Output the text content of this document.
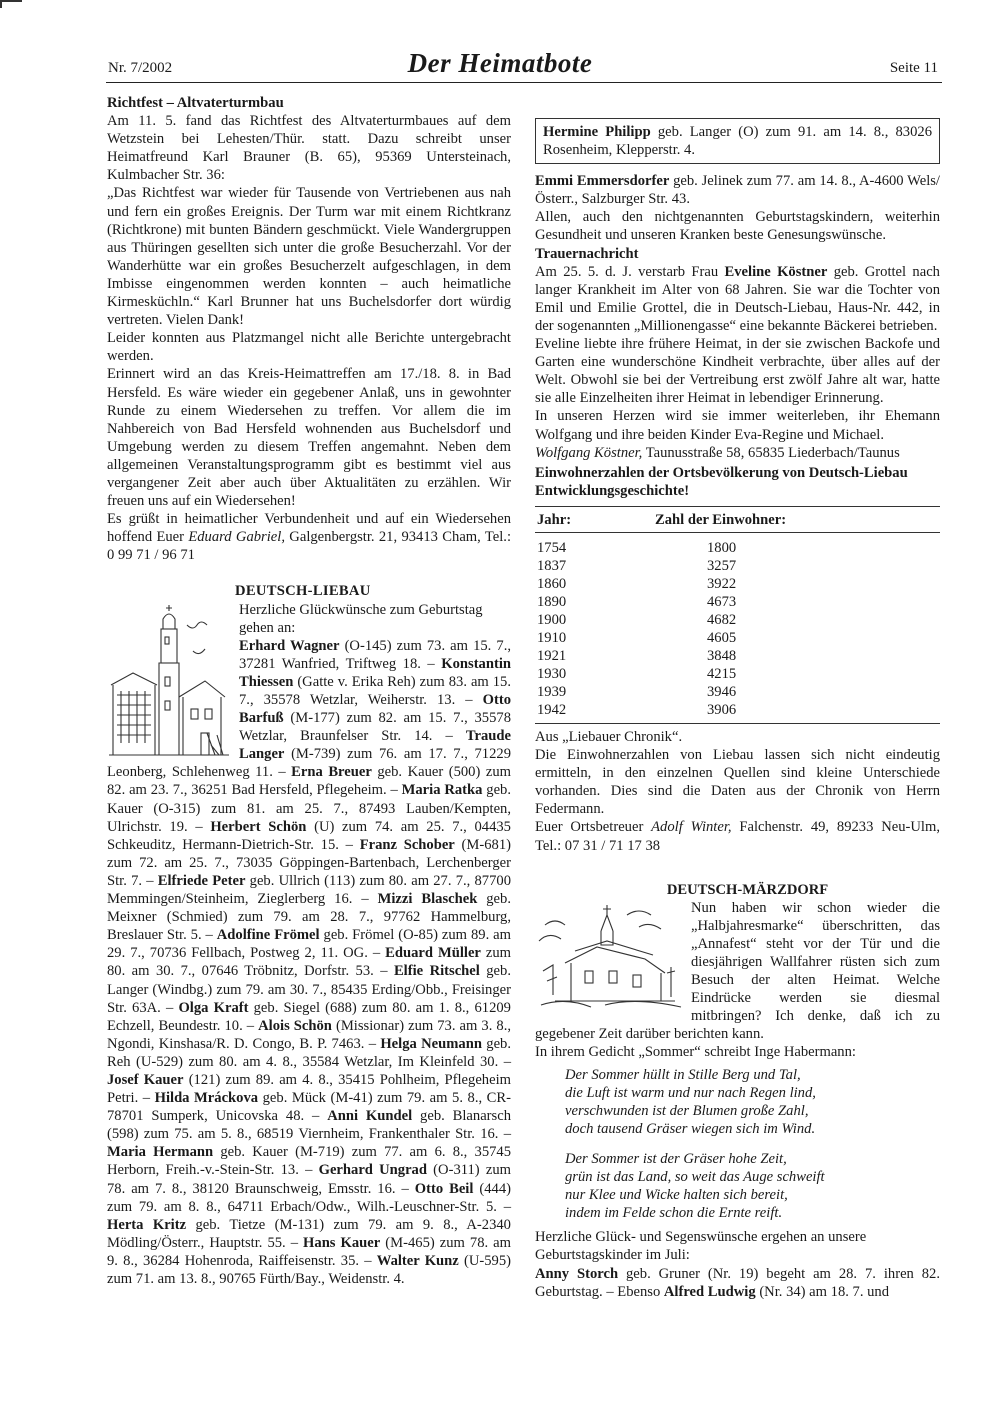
Nr. 7/2002	Der Heimatbote	Seite 11
Richtfest – Altvaterturmbau

Am 11. 5. fand das Richtfest des Altvaterturmbaues auf dem Wetzstein bei Lehesten/Thür. statt. Dazu schreibt unser Heimatfreund Karl Brauner (B. 65), 95369 Untersteinach, Kulmbacher Str. 36:

„Das Richtfest war wieder für Tausende von Vertriebenen aus nah und fern ein großes Ereignis. Der Turm war mit einem Richtkranz (Richtkrone) mit bunten Bändern geschmückt. Viele Wandergruppen aus Thüringen gesellten sich unter die große Besucherzahl. Vor der Wanderhütte war ein großes Besucherzelt aufgeschlagen, in dem Imbisse eingenommen werden konnten – auch heimatliche Kirmesküchln.“ Karl Brunner hat uns Buchelsdorfer dort würdig vertreten. Vielen Dank!

Leider konnten aus Platzmangel nicht alle Berichte untergebracht werden.

Erinnert wird an das Kreis-Heimattreffen am 17./18. 8. in Bad Hersfeld. Es wäre wieder ein gegebener Anlaß, uns in gewohnter Runde zu einem Wiedersehen zu treffen. Vor allem die im Nahbereich von Bad Hersfeld wohnenden aus Buchelsdorf und Umgebung werden zu diesem Treffen angemahnt. Neben dem allgemeinen Veranstaltungsprogramm gibt es bestimmt viel aus vergangener Zeit aber auch über Aktualitäten zu erzählen. Wir freuen uns auf ein Wiedersehen!

Es grüßt in heimatlicher Verbundenheit und auf ein Wiedersehen hoffend Euer Eduard Gabriel, Galgenbergstr. 21, 93413 Cham, Tel.: 0 99 71 / 96 71

DEUTSCH-LIEBAU

Herzliche Glückwünsche zum Geburtstag gehen an:

Erhard Wagner (O-145) zum 73. am 15. 7., 37281 Wanfried, Triftweg 18. – Konstantin Thiessen (Gatte v. Erika Reh) zum 83. am 15. 7., 35578 Wetzlar, Weiherstr. 13. – Otto Barfuß (M-177) zum 82. am 15. 7., 35578 Wetzlar, Braunfelser Str. 14. – Traude Langer (M-739) zum 76. am 17. 7., 71229 Leonberg, Schlehenweg 11. – Erna Breuer geb. Kauer (500) zum 82. am 23. 7., 36251 Bad Hersfeld, Pflegeheim. – Maria Ratka geb. Kauer (O-315) zum 81. am 25. 7., 87493 Lauben/Kempten, Ulrichstr. 19. – Herbert Schön (U) zum 74. am 25. 7., 04435 Schkeuditz, Hermann-Dietrich-Str. 15. – Franz Schober (M-681) zum 72. am 25. 7., 73035 Göppingen-Bartenbach, Lerchenberger Str. 7. – Elfriede Peter geb. Ullrich (113) zum 80. am 27. 7., 87700 Memmingen/Steinheim, Zieglerberg 16. – Mizzi Blaschek geb. Meixner (Schmied) zum 79. am 28. 7., 97762 Hammelburg, Breslauer Str. 5. – Adolfine Frömel geb. Frömel (O-85) zum 89. am 29. 7., 70736 Fellbach, Postweg 2, 11. OG. – Eduard Müller zum 80. am 30. 7., 07646 Tröbnitz, Dorfstr. 53. – Elfie Ritschel geb. Langer (Windbg.) zum 79. am 30. 7., 85435 Erding/Obb., Freisinger Str. 63A. – Olga Kraft geb. Siegel (688) zum 80. am 1. 8., 61209 Echzell, Beundestr. 10. – Alois Schön (Missionar) zum 73. am 3. 8., Ngondi, Kinshasa/R. D. Congo, B. P. 7463. – Helga Neumann geb. Reh (U-529) zum 80. am 4. 8., 35584 Wetzlar, Im Kleinfeld 30. – Josef Kauer (121) zum 89. am 4. 8., 35415 Pohlheim, Pflegeheim Petri. – Hilda Mráckova geb. Mück (M-41) zum 79. am 5. 8., CR-78701 Sumperk, Unicovska 48. – Anni Kundel geb. Blanarsch (598) zum 75. am 5. 8., 68519 Viernheim, Frankenthaler Str. 16. – Maria Hermann geb. Kauer (M-719) zum 77. am 6. 8., 35745 Herborn, Freih.-v.-Stein-Str. 13. – Gerhard Ungrad (O-311) zum 78. am 7. 8., 38120 Braunschweig, Emsstr. 16. – Otto Beil (444) zum 79. am 8. 8., 64711 Erbach/Odw., Wilh.-Leuschner-Str. 5. – Herta Kritz geb. Tietze (M-131) zum 79. am 9. 8., A-2340 Mödling/Österr., Hauptstr. 55. – Hans Kauer (M-465) zum 78. am 9. 8., 36284 Hohenroda, Raiffeisenstr. 35. – Walter Kunz (U-595) zum 71. am 13. 8., 90765 Fürth/Bay., Weidenstr. 4.

Hermine Philipp geb. Langer (O) zum 91. am 14. 8., 83026 Rosenheim, Klepperstr. 4.

Emmi Emmersdorfer geb. Jelinek zum 77. am 14. 8., A-4600 Wels/Österr., Salzburger Str. 43.

Allen, auch den nichtgenannten Geburtstagskindern, weiterhin Gesundheit und unseren Kranken beste Genesungswünsche.

Trauernachricht

Am 25. 5. d. J. verstarb Frau Eveline Köstner geb. Grottel nach langer Krankheit im Alter von 68 Jahren. Sie war die Tochter von Emil und Emilie Grottel, die in Deutsch-Liebau, Haus-Nr. 442, in der sogenannten „Millionengasse“ eine bekannte Bäckerei betrieben.

Eveline liebte ihre frühere Heimat, in der sie zwischen Backofe und Garten eine wunderschöne Kindheit verbrachte, über alles auf der Welt. Obwohl sie bei der Vertreibung erst zwölf Jahre alt war, hatte sie alle Einzelheiten ihrer Heimat in lebendiger Erinnerung.

In unseren Herzen wird sie immer weiterleben, ihr Ehemann Wolfgang und ihre beiden Kinder Eva-Regine und Michael.

Wolfgang Köstner, Taunusstraße 58, 65835 Liederbach/Taunus

Einwohnerzahlen der Ortsbevölkerung von Deutsch-Liebau Entwicklungsgeschichte!

Jahr:	Zahl der Einwohner:
1754	1800
1837	3257
1860	3922
1890	4673
1900	4682
1910	4605
1921	3848
1930	4215
1939	3946
1942	3906

Aus „Liebauer Chronik“.

Die Einwohnerzahlen von Liebau lassen sich nicht eindeutig ermitteln, in den einzelnen Quellen sind kleine Unterschiede vorhanden. Dies sind die Daten aus der Chronik von Herrn Federmann.

Euer Ortsbetreuer Adolf Winter, Falchenstr. 49, 89233 Neu-Ulm, Tel.: 07 31 / 71 17 38

DEUTSCH-MÄRZDORF

Nun haben wir schon wieder die „Halbjahresmarke“ überschritten, das „Annafest“ steht vor der Tür und die diesjährigen Wallfahrer rüsten sich zum Besuch der alten Heimat. Welche Eindrücke werden sie diesmal mitbringen? Ich denke, daß ich zu gegebener Zeit darüber berichten kann.

In ihrem Gedicht „Sommer“ schreibt Inge Habermann:

Der Sommer hüllt in Stille Berg und Tal,
die Luft ist warm und nur nach Regen lind,
verschwunden ist der Blumen große Zahl,
doch tausend Gräser wiegen sich im Wind.
Der Sommer ist der Gräser hohe Zeit,
grün ist das Land, so weit das Auge schweift
nur Klee und Wicke halten sich bereit,
indem im Felde schon die Ernte reift.

Herzliche Glück- und Segenswünsche ergehen an unsere Geburtstagskinder im Juli:

Anny Storch geb. Gruner (Nr. 19) begeht am 28. 7. ihren 82. Geburtstag. – Ebenso Alfred Ludwig (Nr. 34) am 18. 7. und
